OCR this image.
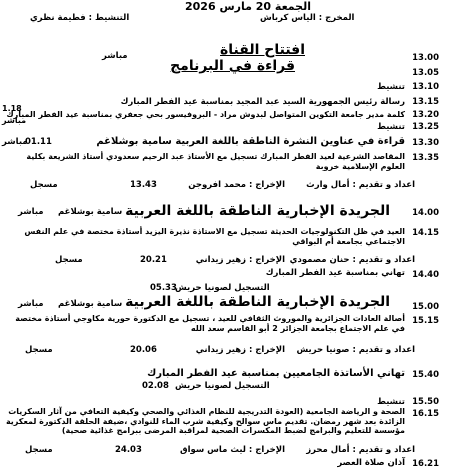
الجمعة 20 مارس 2026
المخرج : الياس كرباش
التنشيط : فطيمة نظري
13.00
افتتاح القناة
مباشر
13.05
قراءة في البرنامج
13.10
تنشيط
13.15
رسالة رئيس الجمهورية السيد عبد المجيد بمناسبة عيد الفطر المبارك
13.20
كلمة مدير جامعة التكوين المتواصل لبدوش مراد - البروفيسور بحي جعفري بمناسبة عيد الفطر المبارك
1.18
مباشر
13.25
تنشيط
13.30
قراءة في عناوين النشرة الناطقة باللغة العربية سامية بوشلاغم
01.11
مباشر
13.35
المقاصد الشرعية لعيد الفطر المبارك تسجيل مع الأستاذ عبد الرحيم سعدودي أستاذ الشريعة بكلية العلوم الإسلامية خروبة
اعداد و تقديم : أمال وارث
الإخراج : محمد افروجن
13.43
مسجل
14.00
الجريدة الإخبارية الناطقة باللغة العربية
سامية بوشلاغم
مباشر
14.15
العيد في ظل التكنولوجيات الحديثة تسجيل مع الاستاذة نذيرة اليزيد أستاذة مختصة في علم النفس الاجتماعي بجامعة أم البواقي
اعداد و تقديم : حنان مصمودي
الإخراج : زهير زيداني
20.21
مسجل
14.40
تهاني بمناسبة عيد الفطر المبارك
التسجيل لصونيا حريش
05.33
15.00
الجريدة الإخبارية الناطقة باللغة العربية
سامية بوشلاغم
مباشر
15.15
أصالة العادات الجزائرية والموروث الثقافي للعيد ، تسجيل مع الدكتورة حورية مكاوجي أستاذة مختصة في علم الاجتماع بجامعة الجزائر 2 أبو القاسم سعد الله
اعداد و تقديم : صونيا حريش
الإخراج : زهير زيداني
20.06
مسجل
15.40
تهاني الأساتذة الجامعيين بمناسبة عيد الفطر المبارك
التسجيل لصونيا حريش
02.08
15.50
تنشيط
16.15
الصحة و الرياضة الجامعية (العودة التدريجية للنظام الغذائي والصحي وكيفية التعافي من آثار السكريات الزائدة بعد شهر رمضان. تقديم ماس سوالح وكيفية شرب الماء للنوادي ،ضيفة الحلقة الدكتورة لمعكرية مؤسسة للتعليم والبرامج لضبط المكسرات الصحية لمراقبة المرضى ببرامج غذائية صحية)
اعداد و تقديم : أمال محرز
الإخراج : ليث ماس سواق
24.03
مسجل
16.21
آذان صلاة العصر
